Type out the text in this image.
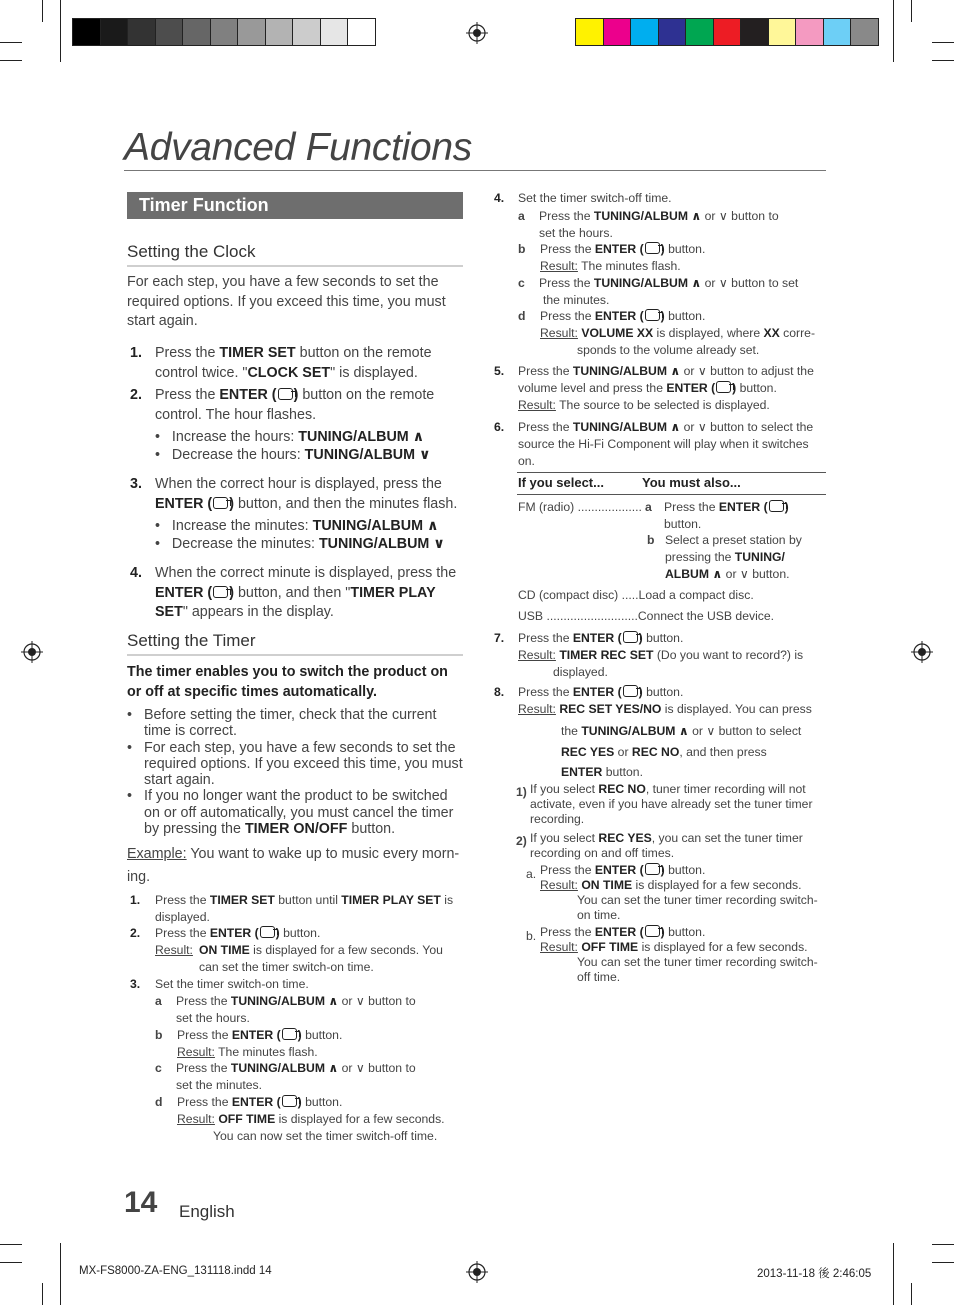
Advanced Functions
Timer Function
Setting the Clock
For each step, you have a few seconds to set the required options. If you exceed this time, you must start again.
1. Press the TIMER SET button on the remote
control twice. "CLOCK SET" is displayed.
2. Press the ENTER ( ) button on the remote
control. The hour flashes.
•   Increase the hours: TUNING/ALBUM ∧
•   Decrease the hours: TUNING/ALBUM ∨
3. When the correct hour is displayed, press the
ENTER ( ) button, and then the minutes flash.
•   Increase the minutes: TUNING/ALBUM ∧
•   Decrease the minutes: TUNING/ALBUM ∨
4. When the correct minute is displayed, press the
ENTER ( ) button, and then "TIMER PLAY
SET" appears in the display.
Setting the Timer
The timer enables you to switch the product on or off at specific times automatically.
• Before setting the timer, check that the current time is correct.
• For each step, you have a few seconds to set the required options. If you exceed this time, you must start again.
• If you no longer want the product to be switched on or off automatically, you must cancel the timer by pressing the TIMER ON/OFF button.
Example: You want to wake up to music every morn-
ing.
1. Press the TIMER SET button until TIMER PLAY SET is
displayed.
2. Press the ENTER ( ) button.
Result: ON TIME is displayed for a few seconds. You
can set the timer switch-on time.
3. Set the timer switch-on time.
a Press the TUNING/ALBUM ∧ or ∨ button to
set the hours.
b Press the ENTER ( ) button.
Result: The minutes flash.
c Press the TUNING/ALBUM ∧ or ∨ button to
set the minutes.
d Press the ENTER ( ) button.
Result: OFF TIME is displayed for a few seconds.
You can now set the timer switch-off time.
4. Set the timer switch-off time.
a Press the TUNING/ALBUM ∧ or ∨ button to
set the hours.
b Press the ENTER ( ) button.
Result: The minutes flash.
c Press the TUNING/ALBUM ∧ or ∨ button to set
the minutes.
d Press the ENTER ( ) button.
Result: VOLUME XX is displayed, where XX corre-
sponds to the volume already set.
5. Press the TUNING/ALBUM ∧ or ∨ button to adjust the
volume level and press the ENTER ( ) button.
Result: The source to be selected is displayed.
6. Press the TUNING/ALBUM ∧ or ∨ button to select the
source the Hi-Fi Component will play when it switches
on.
If you select...	You must also...
FM (radio) ................... a Press the ENTER ( )
button.
b Select a preset station by
pressing the TUNING/
ALBUM ∧ or ∨ button.
CD (compact disc) .....Load a compact disc.
USB ...........................Connect the USB device.
7. Press the ENTER ( ) button.
Result: TIMER REC SET (Do you want to record?) is
displayed.
8. Press the ENTER ( ) button.
Result: REC SET YES/NO is displayed. You can press
the TUNING/ALBUM ∧ or ∨ button to select
REC YES or REC NO, and then press
ENTER button.
1) If you select REC NO, tuner timer recording will not
activate, even if you have already set the tuner timer
recording.
2) If you select REC YES, you can set the tuner timer
recording on and off times.
a. Press the ENTER ( ) button.
Result: ON TIME is displayed for a few seconds.
You can set the tuner timer recording switch-
on time.
b. Press the ENTER ( ) button.
Result: OFF TIME is displayed for a few seconds.
You can set the tuner timer recording switch-
off time.
14 English
MX-FS8000-ZA-ENG_131118.indd 14	2013-11-18 後 2:46:05
